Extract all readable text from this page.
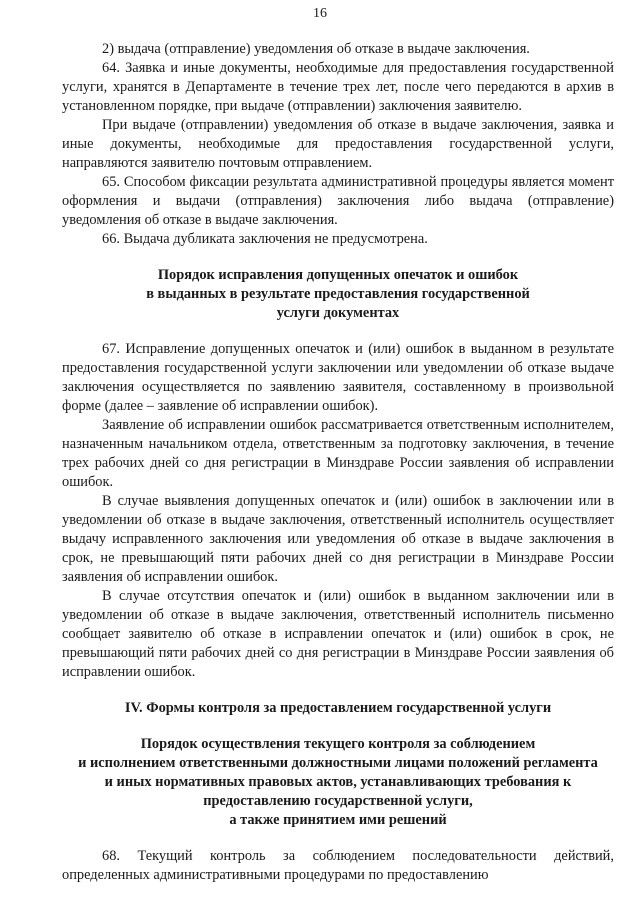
16

2) выдача (отправление) уведомления об отказе в выдаче заключения.

64. Заявка и иные документы, необходимые для предоставления государственной услуги, хранятся в Департаменте в течение трех лет, после чего передаются в архив в установленном порядке, при выдаче (отправлении) заключения заявителю.

При выдаче (отправлении) уведомления об отказе в выдаче заключения, заявка и иные документы, необходимые для предоставления государственной услуги, направляются заявителю почтовым отправлением.

65. Способом фиксации результата административной процедуры является момент оформления и выдачи (отправления) заключения либо выдача (отправление) уведомления об отказе в выдаче заключения.

66. Выдача дубликата заключения не предусмотрена.

Порядок исправления допущенных опечаток и ошибок
в выданных в результате предоставления государственной
услуги документах

67. Исправление допущенных опечаток и (или) ошибок в выданном в результате предоставления государственной услуги заключении или уведомлении об отказе выдаче заключения осуществляется по заявлению заявителя, составленному в произвольной форме (далее – заявление об исправлении ошибок).

Заявление об исправлении ошибок рассматривается ответственным исполнителем, назначенным начальником отдела, ответственным за подготовку заключения, в течение трех рабочих дней со дня регистрации в Минздраве России заявления об исправлении ошибок.

В случае выявления допущенных опечаток и (или) ошибок в заключении или в уведомлении об отказе в выдаче заключения, ответственный исполнитель осуществляет выдачу исправленного заключения или уведомления об отказе в выдаче заключения в срок, не превышающий пяти рабочих дней со дня регистрации в Минздраве России заявления об исправлении ошибок.

В случае отсутствия опечаток и (или) ошибок в выданном заключении или в уведомлении об отказе в выдаче заключения, ответственный исполнитель письменно сообщает заявителю об отказе в исправлении опечаток и (или) ошибок в срок, не превышающий пяти рабочих дней со дня регистрации в Минздраве России заявления об исправлении ошибок.

IV. Формы контроля за предоставлением государственной услуги
Порядок осуществления текущего контроля за соблюдением
и исполнением ответственными должностными лицами положений регламента
и иных нормативных правовых актов, устанавливающих требования к
предоставлению государственной услуги,
а также принятием ими решений

68. Текущий контроль за соблюдением последовательности действий, определенных административными процедурами по предоставлению
